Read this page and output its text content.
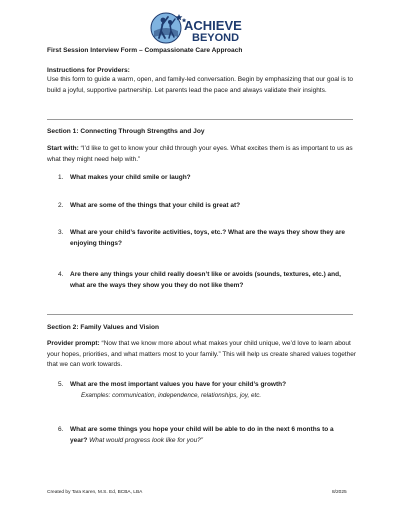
ACHIEVE
BEYOND
First Session Interview Form – Compassionate Care Approach
Instructions for Providers:
Use this form to guide a warm, open, and family-led conversation. Begin by emphasizing that our goal is to build a joyful, supportive partnership. Let parents lead the pace and always validate their insights.
Section 1: Connecting Through Strengths and Joy
Start with: “I’d like to get to know your child through your eyes. What excites them is as important to us as what they might need help with.”
1.	What makes your child smile or laugh?
2.	What are some of the things that your child is great at?
3.	What are your child’s favorite activities, toys, etc.? What are the ways they show they are enjoying things?
4.	Are there any things your child really doesn’t like or avoids (sounds, textures, etc.) and, what are the ways they show you they do not like them?
Section 2: Family Values and Vision
Provider prompt: “Now that we know more about what makes your child unique, we’d love to learn about your hopes, priorities, and what matters most to your family.” This will help us create shared values together that we can work towards.
5.	What are the most important values you have for your child’s growth?
Examples: communication, independence, relationships, joy, etc.
6.	What are some things you hope your child will be able to do in the next 6 months to a year? What would progress look like for you?”
Created by Tara Karen, M.S. Ed, BCBA, LBA	8/2025
